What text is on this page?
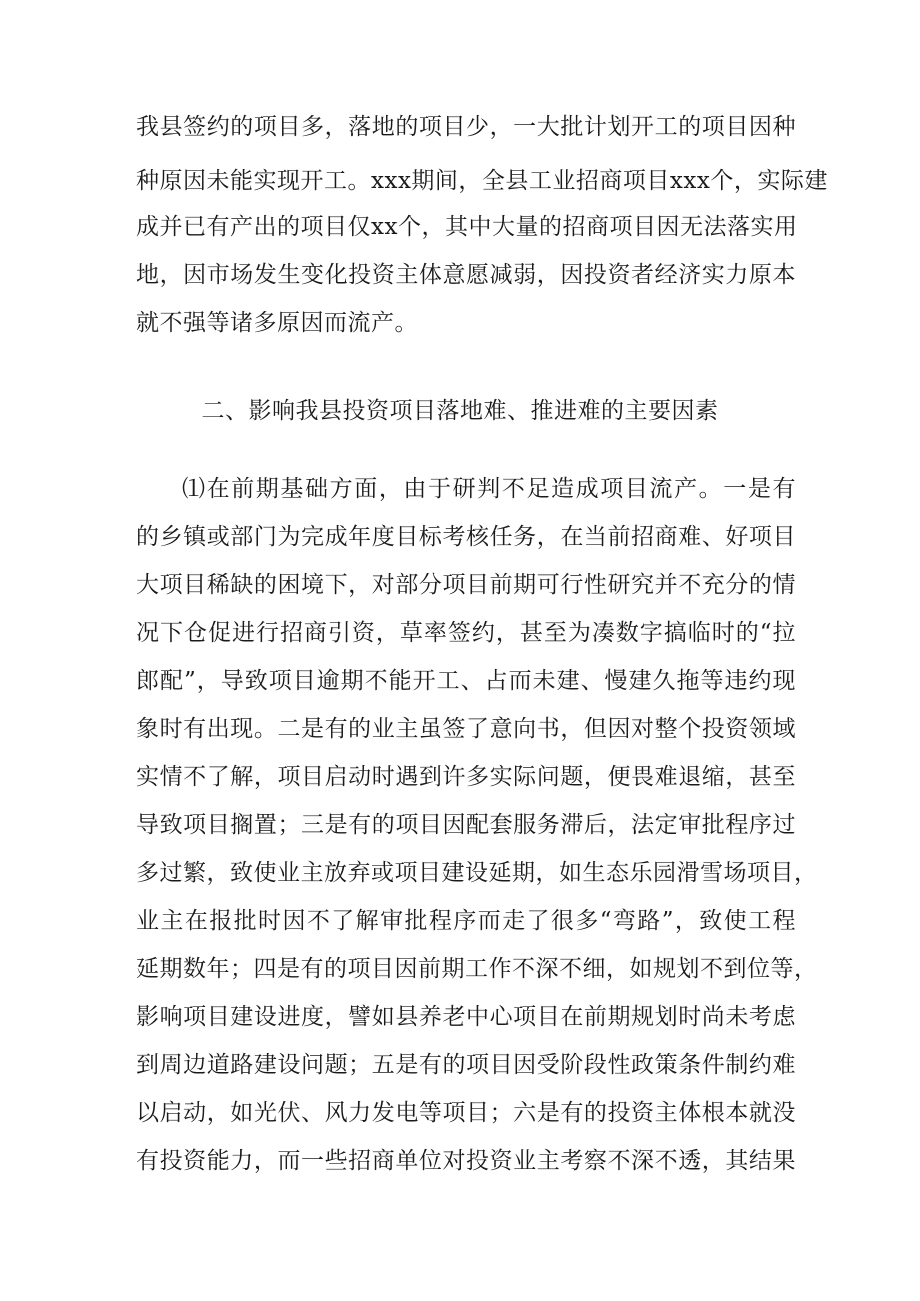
我县签约的项目多，落地的项目少，一大批计划开工的项目因种
种原因未能实现开工。xxx期间，全县工业招商项目xxx个，实际建
成并已有产出的项目仅xx个，其中大量的招商项目因无法落实用
地，因市场发生变化投资主体意愿减弱，因投资者经济实力原本
就不强等诸多原因而流产。
二、影响我县投资项目落地难、推进难的主要因素
⑴在前期基础方面，由于研判不足造成项目流产。一是有
的乡镇或部门为完成年度目标考核任务，在当前招商难、好项目
大项目稀缺的困境下，对部分项目前期可行性研究并不充分的情
况下仓促进行招商引资，草率签约，甚至为凑数字搞临时的“拉
郎配”，导致项目逾期不能开工、占而未建、慢建久拖等违约现
象时有出现。二是有的业主虽签了意向书，但因对整个投资领域
实情不了解，项目启动时遇到许多实际问题，便畏难退缩，甚至
导致项目搁置；三是有的项目因配套服务滞后，法定审批程序过
多过繁，致使业主放弃或项目建设延期，如生态乐园滑雪场项目，
业主在报批时因不了解审批程序而走了很多“弯路”，致使工程
延期数年；四是有的项目因前期工作不深不细，如规划不到位等，
影响项目建设进度，譬如县养老中心项目在前期规划时尚未考虑
到周边道路建设问题；五是有的项目因受阶段性政策条件制约难
以启动，如光伏、风力发电等项目；六是有的投资主体根本就没
有投资能力，而一些招商单位对投资业主考察不深不透，其结果
